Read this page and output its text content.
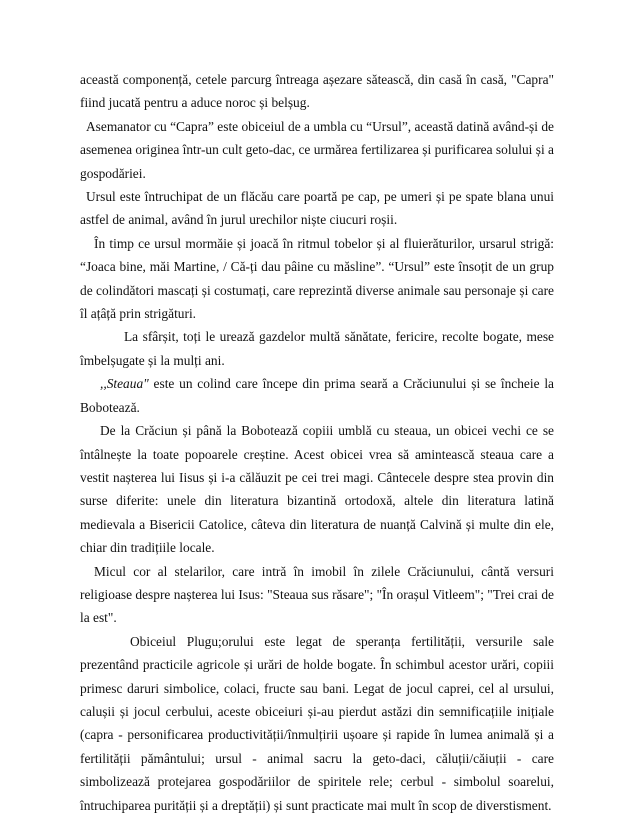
această componență, cetele parcurg întreaga așezare sătească, din casă în casă, "Capra" fiind jucată pentru a aduce noroc și belșug.

Asemanator cu “Capra” este obiceiul de a umbla cu “Ursul”, această datină având-și de asemenea originea într-un cult geto-dac, ce urmărea fertilizarea și purificarea solului și a gospodăriei.

Ursul este întruchipat de un flăcău care poartă pe cap, pe umeri și pe spate blana unui astfel de animal, având în jurul urechilor niște ciucuri roșii.

În timp ce ursul mormăie și joacă în ritmul tobelor și al fluierăturilor, ursarul strigă: “Joaca bine, măi Martine, / Că-ți dau pâine cu măsline”. “Ursul” este însoțit de un grup de colindători mascați și costumați, care reprezintă diverse animale sau personaje și care îl ațâță prin strigături.

La sfârșit, toți le urează gazdelor multă sănătate, fericire, recolte bogate, mese îmbelșugate și la mulți ani.

,,Steaua" este un colind care începe din prima seară a Crăciunului și se încheie la Bobotează.

De la Crăciun și până la Bobotează copiii umblă cu steaua, un obicei vechi ce se întâlnește la toate popoarele creștine. Acest obicei vrea să amintească steaua care a vestit nașterea lui Iisus și i-a călăuzit pe cei trei magi. Cântecele despre stea provin din surse diferite: unele din literatura bizantină ortodoxă, altele din literatura latină medievala a Bisericii Catolice, câteva din literatura de nuanță Calvină și multe din ele, chiar din tradițiile locale.

Micul cor al stelarilor, care intră în imobil în zilele Crăciunului, cântă versuri religioase despre nașterea lui Isus: "Steaua sus răsare"; "În orașul Vitleem"; "Trei crai de la est".

Obiceiul Plugu;orului este legat de speranța fertilității, versurile sale prezentând practicile agricole și urări de holde bogate. În schimbul acestor urări, copiii primesc daruri simbolice, colaci, fructe sau bani. Legat de jocul caprei, cel al ursului, calușii și jocul cerbului, aceste obiceiuri și-au pierdut astăzi din semnificațiile inițiale (capra - personificarea productivității/înmulțirii ușoare și rapide în lumea animală și a fertilității pământului; ursul - animal sacru la geto-daci, căluții/căiuții - care simbolizează protejarea gospodăriilor de spiritele rele; cerbul - simbolul soarelui, întruchiparea purității și a dreptății) și sunt practicate mai mult în scop de diverstisment.
